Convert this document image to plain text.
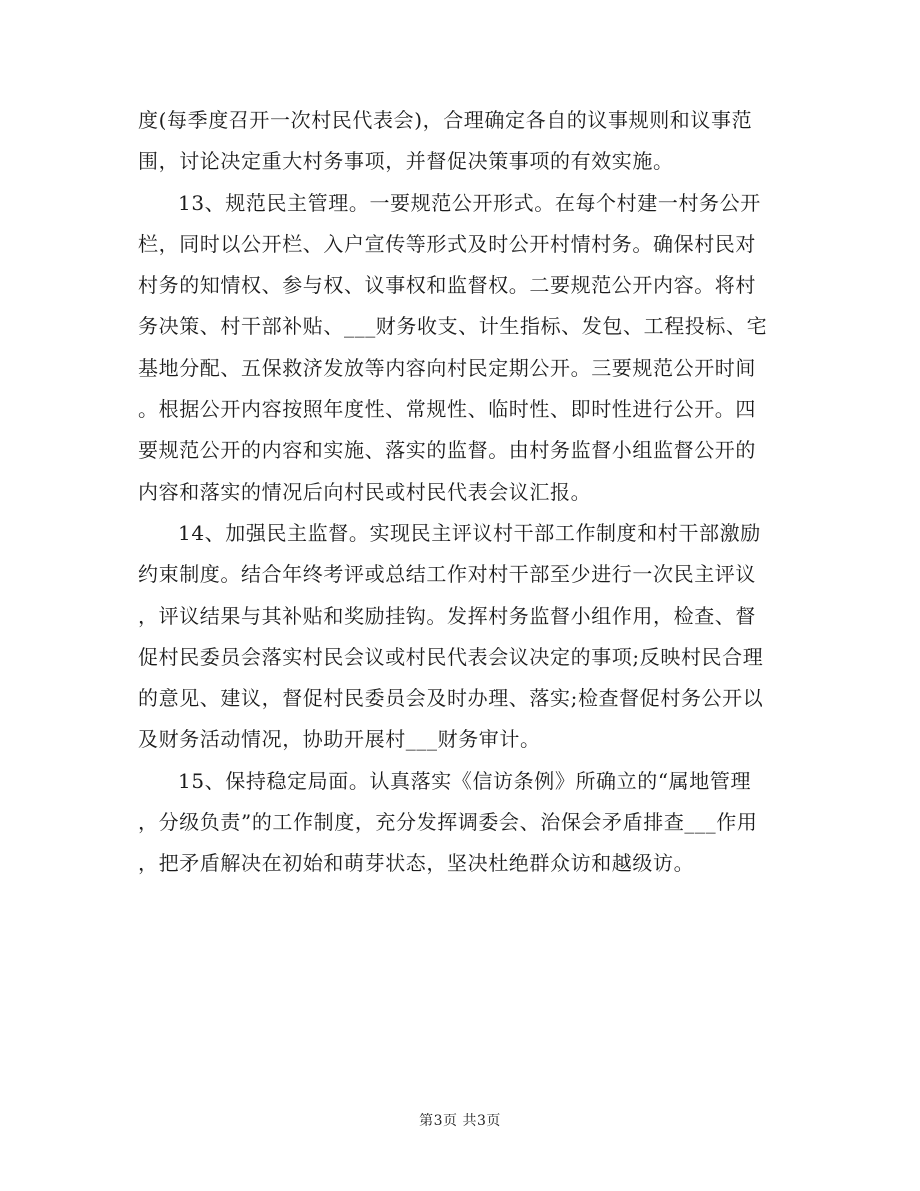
度(每季度召开一次村民代表会)，合理确定各自的议事规则和议事范
围，讨论决定重大村务事项，并督促决策事项的有效实施。
13、规范民主管理。一要规范公开形式。在每个村建一村务公开
栏，同时以公开栏、入户宣传等形式及时公开村情村务。确保村民对
村务的知情权、参与权、议事权和监督权。二要规范公开内容。将村
务决策、村干部补贴、___财务收支、计生指标、发包、工程投标、宅
基地分配、五保救济发放等内容向村民定期公开。三要规范公开时间
。根据公开内容按照年度性、常规性、临时性、即时性进行公开。四
要规范公开的内容和实施、落实的监督。由村务监督小组监督公开的
内容和落实的情况后向村民或村民代表会议汇报。
14、加强民主监督。实现民主评议村干部工作制度和村干部激励
约束制度。结合年终考评或总结工作对村干部至少进行一次民主评议
，评议结果与其补贴和奖励挂钩。发挥村务监督小组作用，检查、督
促村民委员会落实村民会议或村民代表会议决定的事项;反映村民合理
的意见、建议，督促村民委员会及时办理、落实;检查督促村务公开以
及财务活动情况，协助开展村___财务审计。
15、保持稳定局面。认真落实《信访条例》所确立的“属地管理
，分级负责”的工作制度，充分发挥调委会、治保会矛盾排查___作用
，把矛盾解决在初始和萌芽状态，坚决杜绝群众访和越级访。
第3页 共3页
